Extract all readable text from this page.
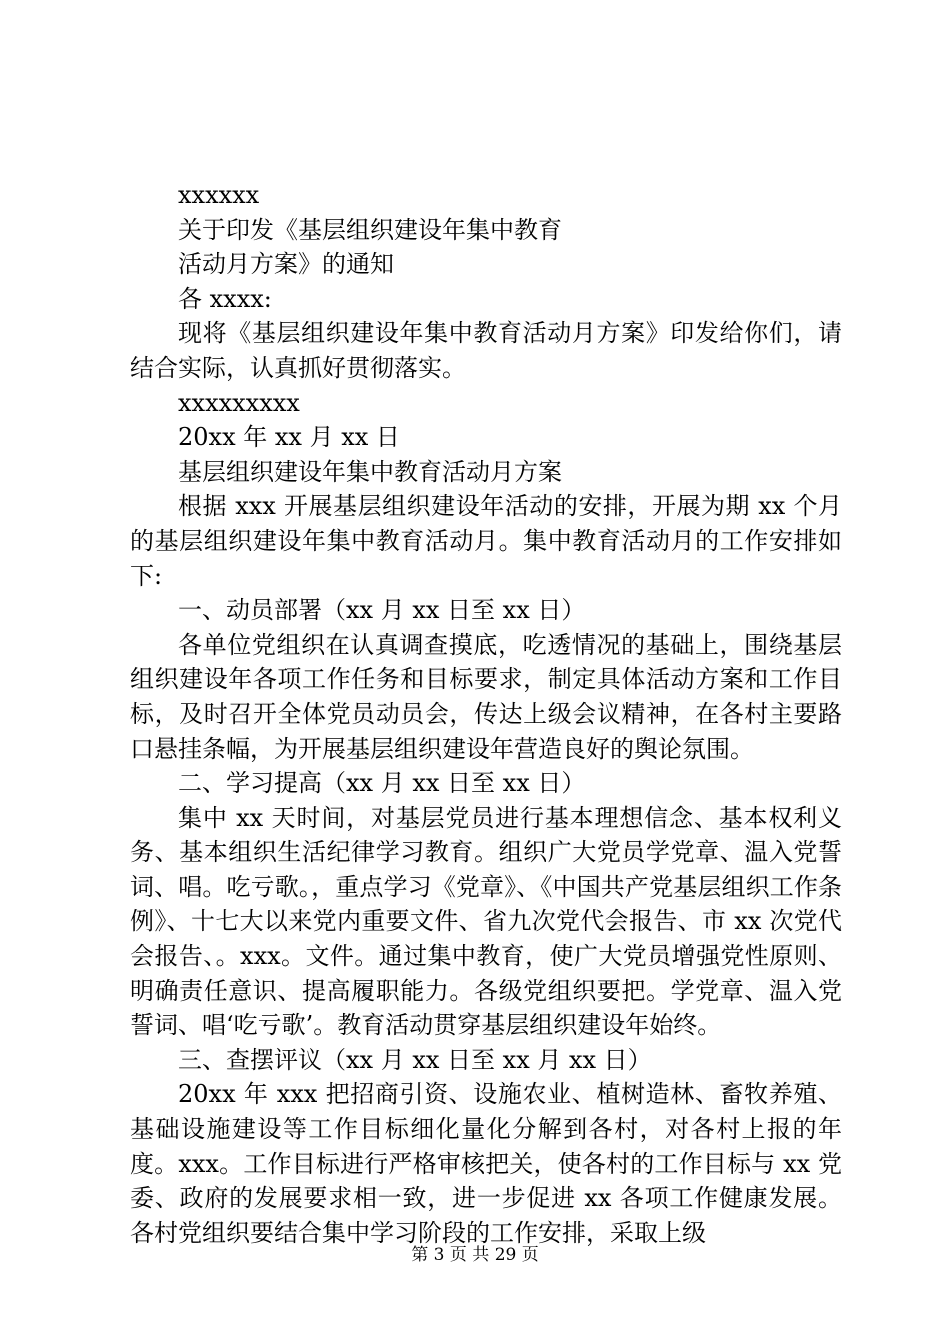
xxxxxx
关于印发《基层组织建设年集中教育
活动月方案》的通知
各 xxxx:

现将《基层组织建设年集中教育活动月方案》印发给你们，请结合实际，认真抓好贯彻落实。

xxxxxxxxx
20xx 年 xx 月 xx 日
基层组织建设年集中教育活动月方案

根据 xxx 开展基层组织建设年活动的安排，开展为期 xx 个月的基层组织建设年集中教育活动月。集中教育活动月的工作安排如下:

一、动员部署（xx 月 xx 日至 xx 日）

各单位党组织在认真调查摸底，吃透情况的基础上，围绕基层组织建设年各项工作任务和目标要求，制定具体活动方案和工作目标，及时召开全体党员动员会，传达上级会议精神，在各村主要路口悬挂条幅，为开展基层组织建设年营造良好的舆论氛围。

二、学习提高（xx 月 xx 日至 xx 日）

集中 xx 天时间，对基层党员进行基本理想信念、基本权利义务、基本组织生活纪律学习教育。组织广大党员学党章、温入党誓词、唱。吃亏歌。，重点学习《党章》、《中国共产党基层组织工作条例》、十七大以来党内重要文件、省九次党代会报告、市 xx 次党代会报告、。xxx。文件。通过集中教育，使广大党员增强党性原则、明确责任意识、提高履职能力。各级党组织要把。学党章、温入党誓词、唱‘吃亏歌’。教育活动贯穿基层组织建设年始终。

三、查摆评议（xx 月 xx 日至 xx 月 xx 日）

20xx 年 xxx 把招商引资、设施农业、植树造林、畜牧养殖、基础设施建设等工作目标细化量化分解到各村，对各村上报的年度。xxx。工作目标进行严格审核把关，使各村的工作目标与 xx 党委、政府的发展要求相一致，进一步促进 xx 各项工作健康发展。各村党组织要结合集中学习阶段的工作安排，采取上级

第 3 页 共 29 页
